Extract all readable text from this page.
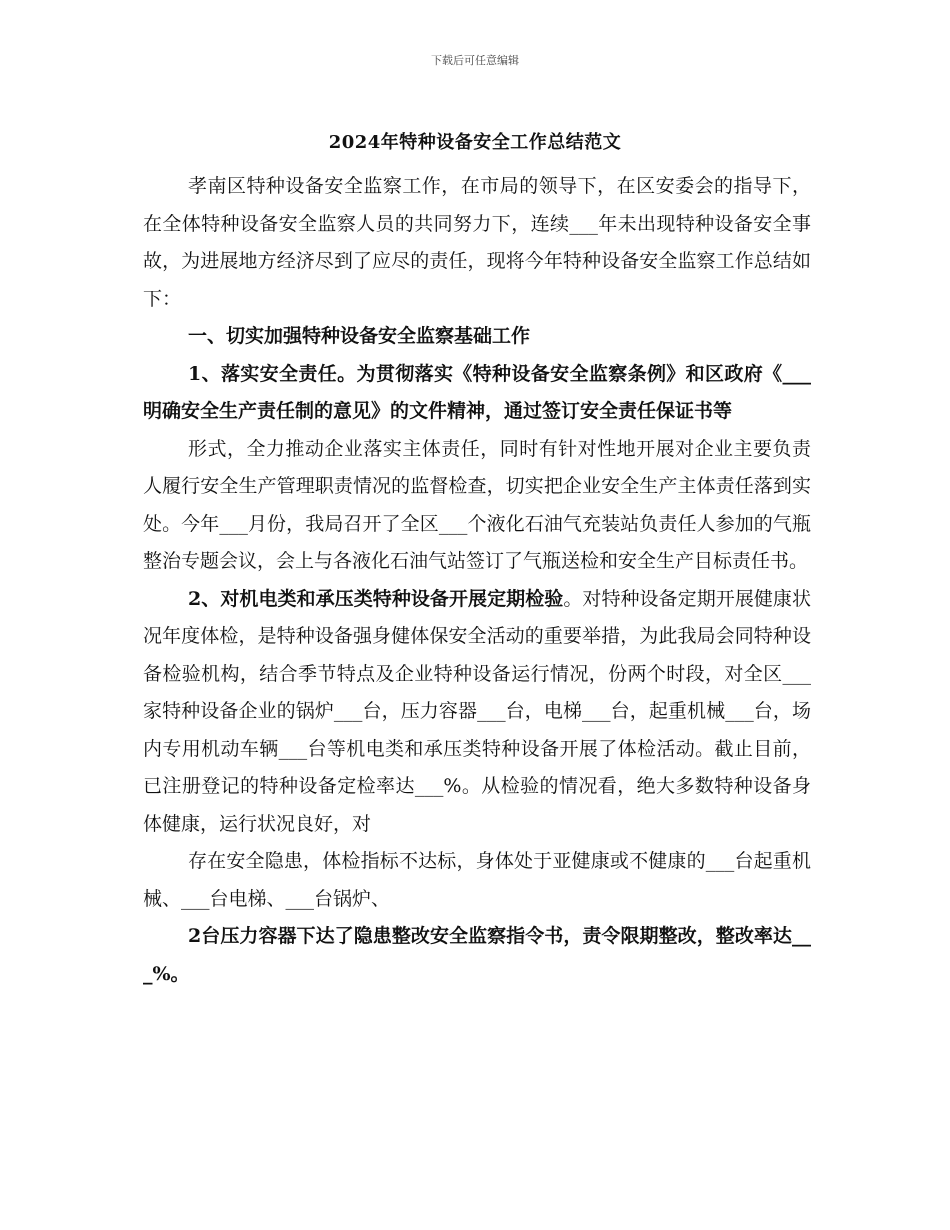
下载后可任意编辑
2024年特种设备安全工作总结范文

孝南区特种设备安全监察工作，在市局的领导下，在区安委会的指导下，在全体特种设备安全监察人员的共同努力下，连续___年未出现特种设备安全事故，为进展地方经济尽到了应尽的责任，现将今年特种设备安全监察工作总结如下：

一、切实加强特种设备安全监察基础工作

1、落实安全责任。为贯彻落实《特种设备安全监察条例》和区政府《___明确安全生产责任制的意见》的文件精神，通过签订安全责任保证书等

形式，全力推动企业落实主体责任，同时有针对性地开展对企业主要负责人履行安全生产管理职责情况的监督检查，切实把企业安全生产主体责任落到实处。今年___月份，我局召开了全区___个液化石油气充装站负责任人参加的气瓶整治专题会议，会上与各液化石油气站签订了气瓶送检和安全生产目标责任书。

2、对机电类和承压类特种设备开展定期检验。对特种设备定期开展健康状况年度体检，是特种设备强身健体保安全活动的重要举措，为此我局会同特种设备检验机构，结合季节特点及企业特种设备运行情况，份两个时段，对全区___家特种设备企业的锅炉___台，压力容器___台，电梯___台，起重机械___台，场内专用机动车辆___台等机电类和承压类特种设备开展了体检活动。截止目前，已注册登记的特种设备定检率达___%。从检验的情况看，绝大多数特种设备身体健康，运行状况良好，对

存在安全隐患，体检指标不达标，身体处于亚健康或不健康的___台起重机械、___台电梯、___台锅炉、

2台压力容器下达了隐患整改安全监察指令书，责令限期整改，整改率达___%。
